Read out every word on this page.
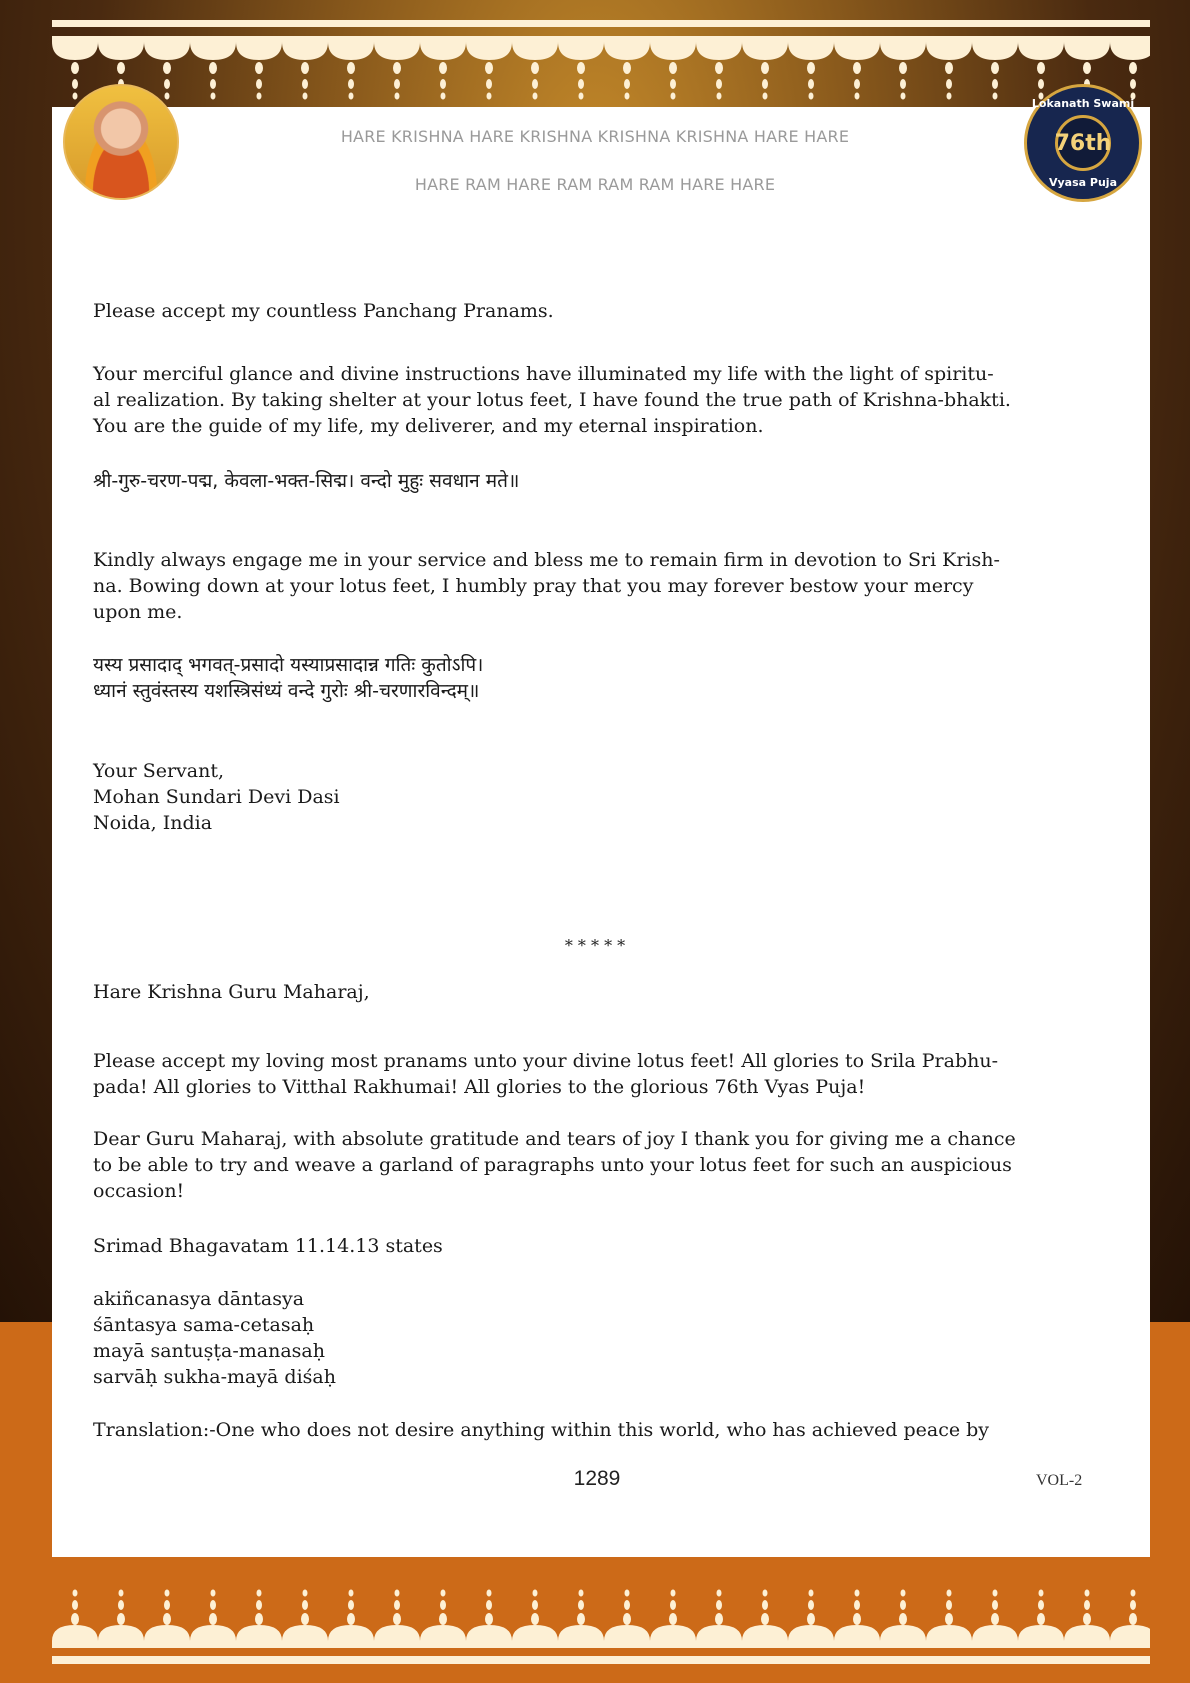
Lokanath Swami
76th
Vyasa Puja
HARE KRISHNA HARE KRISHNA KRISHNA KRISHNA HARE HARE
HARE RAM HARE RAM RAM RAM HARE HARE
Please accept my countless Panchang Pranams.
Your merciful glance and divine instructions have illuminated my life with the light of spiritu-
al realization. By taking shelter at your lotus feet, I have found the true path of Krishna-bhakti.
You are the guide of my life, my deliverer, and my eternal inspiration.
श्री-गुरु-चरण-पद्म, केवला-भक्त-सिद्म। वन्दो मुहुः सवधान मते॥
Kindly always engage me in your service and bless me to remain firm in devotion to Sri Krish-
na. Bowing down at your lotus feet, I humbly pray that you may forever bestow your mercy
upon me.
यस्य प्रसादाद् भगवत्-प्रसादो यस्याप्रसादान्न गतिः कुतोऽपि।
ध्यानं स्तुवंस्तस्य यशस्त्रिसंध्यं वन्दे गुरोः श्री-चरणारविन्दम्॥
Your Servant,
Mohan Sundari Devi Dasi
Noida, India
* * * * *
Hare Krishna Guru Maharaj,
Please accept my loving most pranams unto your divine lotus feet! All glories to Srila Prabhu-
pada! All glories to Vitthal Rakhumai! All glories to the glorious 76th Vyas Puja!
Dear Guru Maharaj, with absolute gratitude and tears of joy I thank you for giving me a chance
to be able to try and weave a garland of paragraphs unto your lotus feet for such an auspicious
occasion!
Srimad Bhagavatam 11.14.13 states
akiñcanasya dāntasya
śāntasya sama-cetasaḥ
mayā santuṣṭa-manasaḥ
sarvāḥ sukha-mayā diśaḥ
Translation:-One who does not desire anything within this world, who has achieved peace by
1289	VOL-2
